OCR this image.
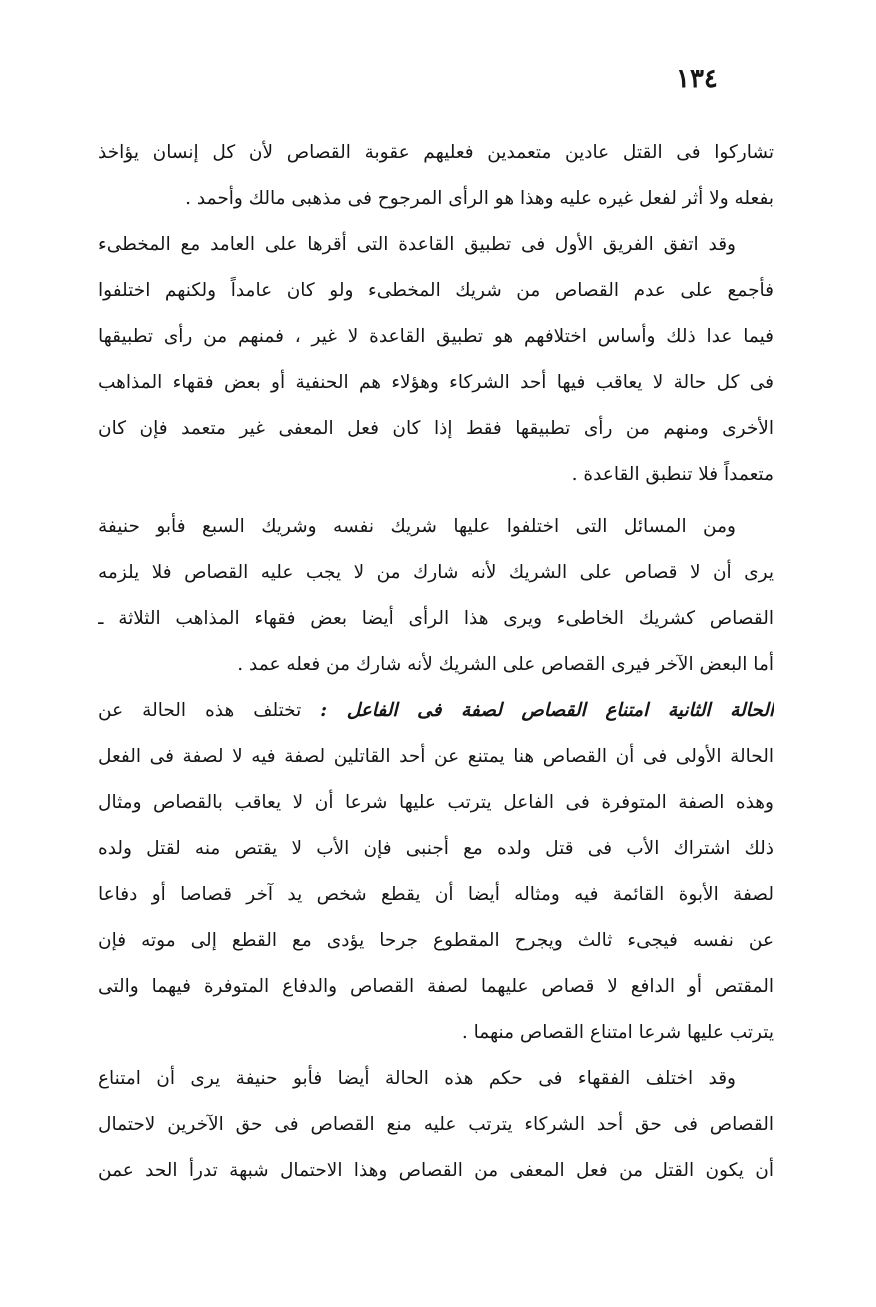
١٣٤
تشاركوا فى القتل عادين متعمدين فعليهم عقوبة القصاص لأن كل إنسان يؤاخذ
بفعله ولا أثر لفعل غيره عليه وهذا هو الرأى المرجوح فى مذهبى مالك وأحمد .
وقد اتفق الفريق الأول فى تطبيق القاعدة التى أقرها على العامد مع المخطىء
فأجمع على عدم القصاص من شريك المخطىء ولو كان عامداً ولكنهم اختلفوا
فيما عدا ذلك وأساس اختلافهم هو تطبيق القاعدة لا غير ، فمنهم من رأى تطبيقها
فى كل حالة لا يعاقب فيها أحد الشركاء وهؤلاء هم الحنفية أو بعض فقهاء المذاهب
الأخرى ومنهم من رأى تطبيقها فقط إذا كان فعل المعفى غير متعمد فإن كان
متعمداً فلا تنطبق القاعدة .
ومن المسائل التى اختلفوا عليها شريك نفسه وشريك السبع فأبو حنيفة
يرى أن لا قصاص على الشريك لأنه شارك من لا يجب عليه القصاص فلا يلزمه
القصاص كشريك الخاطىء ويرى هذا الرأى أيضا بعض فقهاء المذاهب الثلاثة ـ
أما البعض الآخر فيرى القصاص على الشريك لأنه شارك من فعله عمد .
الحالة الثانية امتناع القصاص لصفة فى الفاعل : تختلف هذه الحالة عن
الحالة الأولى فى أن القصاص هنا يمتنع عن أحد القاتلين لصفة فيه لا لصفة فى الفعل
وهذه الصفة المتوفرة فى الفاعل يترتب عليها شرعا أن لا يعاقب بالقصاص ومثال
ذلك اشتراك الأب فى قتل ولده مع أجنبى فإن الأب لا يقتص منه لقتل ولده
لصفة الأبوة القائمة فيه ومثاله أيضا أن يقطع شخص يد آخر قصاصا أو دفاعا
عن نفسه فيجىء ثالث ويجرح المقطوع جرحا يؤدى مع القطع إلى موته فإن
المقتص أو الدافع لا قصاص عليهما لصفة القصاص والدفاع المتوفرة فيهما والتى
يترتب عليها شرعا امتناع القصاص منهما .
وقد اختلف الفقهاء فى حكم هذه الحالة أيضا فأبو حنيفة يرى أن امتناع
القصاص فى حق أحد الشركاء يترتب عليه منع القصاص فى حق الآخرين لاحتمال
أن يكون القتل من فعل المعفى من القصاص وهذا الاحتمال شبهة تدرأ الحد عمن
